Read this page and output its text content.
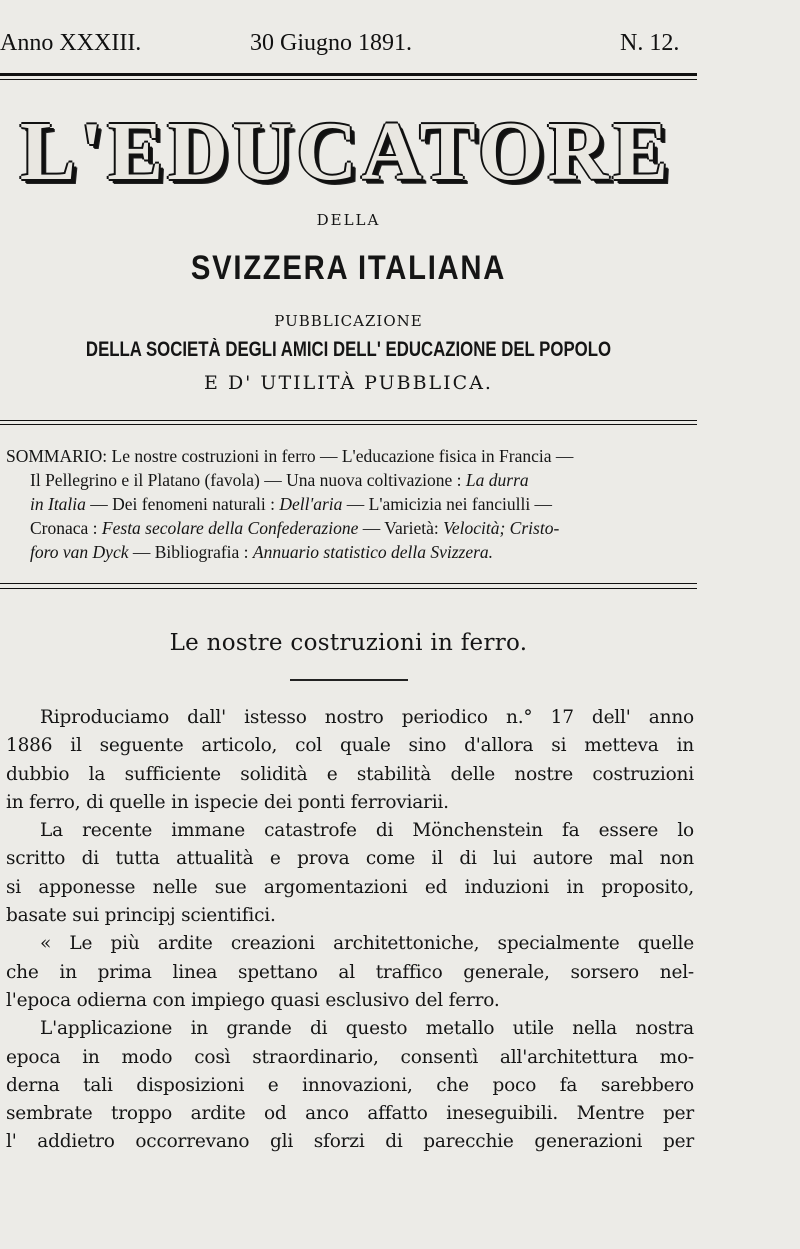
Anno XXXIII.	30 Giugno 1891.	N. 12.
L'EDUCATORE
DELLA
SVIZZERA ITALIANA
PUBBLICAZIONE
DELLA SOCIETÀ DEGLI AMICI DELL' EDUCAZIONE DEL POPOLO
E D' UTILITÀ PUBBLICA.
SOMMARIO: Le nostre costruzioni in ferro — L'educazione fisica in Francia —
Il Pellegrino e il Platano (favola) — Una nuova coltivazione : La durra
in Italia — Dei fenomeni naturali : Dell'aria — L'amicizia nei fanciulli —
Cronaca : Festa secolare della Confederazione — Varietà: Velocità; Cristo-
foro van Dyck — Bibliografia : Annuario statistico della Svizzera.
Le nostre costruzioni in ferro.
Riproduciamo dall' istesso nostro periodico n.° 17 dell' anno
1886 il seguente articolo, col quale sino d'allora si metteva in
dubbio la sufficiente solidità e stabilità delle nostre costruzioni
in ferro, di quelle in ispecie dei ponti ferroviarii.
La recente immane catastrofe di Mönchenstein fa essere lo
scritto di tutta attualità e prova come il di lui autore mal non
si apponesse nelle sue argomentazioni ed induzioni in proposito,
basate sui principj scientifici.
« Le più ardite creazioni architettoniche, specialmente quelle
che in prima linea spettano al traffico generale, sorsero nel-
l'epoca odierna con impiego quasi esclusivo del ferro.
L'applicazione in grande di questo metallo utile nella nostra
epoca in modo così straordinario, consentì all'architettura mo-
derna tali disposizioni e innovazioni, che poco fa sarebbero
sembrate troppo ardite od anco affatto ineseguibili. Mentre per
l' addietro occorrevano gli sforzi di parecchie generazioni per
